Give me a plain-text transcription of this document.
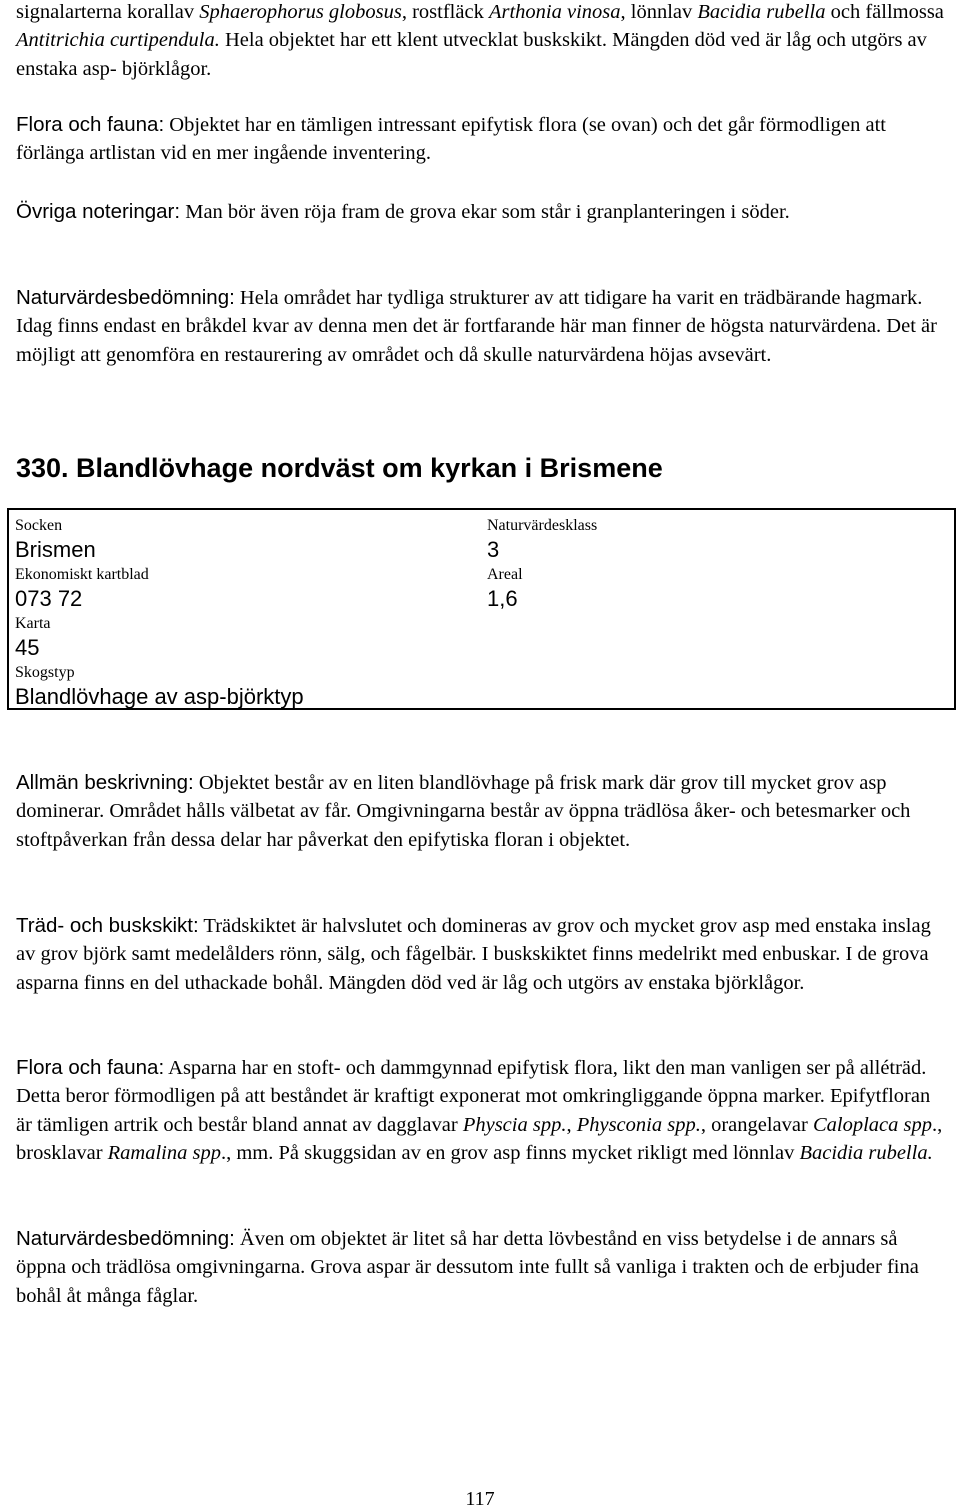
signalarterna korallav Sphaerophorus globosus, rostfläck Arthonia vinosa, lönnlav Bacidia rubella och fällmossa Antitrichia curtipendula. Hela objektet har ett klent utvecklat buskskikt. Mängden död ved är låg och utgörs av enstaka asp- björklågor.

Flora och fauna: Objektet har en tämligen intressant epifytisk flora (se ovan) och det går förmodligen att förlänga artlistan vid en mer ingående inventering.

Övriga noteringar: Man bör även röja fram de grova ekar som står i granplanteringen i söder.

Naturvärdesbedömning: Hela området har tydliga strukturer av att tidigare ha varit en trädbärande hagmark. Idag finns endast en bråkdel kvar av denna men det är fortfarande här man finner de högsta naturvärdena. Det är möjligt att genomföra en restaurering av området och då skulle naturvärdena höjas avsevärt.

330. Blandlövhage nordväst om kyrkan i Brismene
Socken
Brismen
Naturvärdesklass
3
Ekonomiskt kartblad
073 72
Areal
1,6
Karta
45
Skogstyp
Blandlövhage av asp-björktyp

Allmän beskrivning: Objektet består av en liten blandlövhage på frisk mark där grov till mycket grov asp dominerar. Området hålls välbetat av får. Omgivningarna består av öppna trädlösa åker- och betesmarker och stoftpåverkan från dessa delar har påverkat den epifytiska floran i objektet.

Träd- och buskskikt: Trädskiktet är halvslutet och domineras av grov och mycket grov asp med enstaka inslag av grov björk samt medelålders rönn, sälg, och fågelbär. I buskskiktet finns medelrikt med enbuskar. I de grova asparna finns en del uthackade bohål. Mängden död ved är låg och utgörs av enstaka björklågor.

Flora och fauna: Asparna har en stoft- och dammgynnad epifytisk flora, likt den man vanligen ser på alléträd. Detta beror förmodligen på att beståndet är kraftigt exponerat mot omkringliggande öppna marker. Epifytfloran är tämligen artrik och består bland annat av dagglavar Physcia spp., Physconia spp., orangelavar Caloplaca spp., brosklavar Ramalina spp., mm. På skuggsidan av en grov asp finns mycket rikligt med lönnlav Bacidia rubella.

Naturvärdesbedömning: Även om objektet är litet så har detta lövbestånd en viss betydelse i de annars så öppna och trädlösa omgivningarna. Grova aspar är dessutom inte fullt så vanliga i trakten och de erbjuder fina bohål åt många fåglar.

117
